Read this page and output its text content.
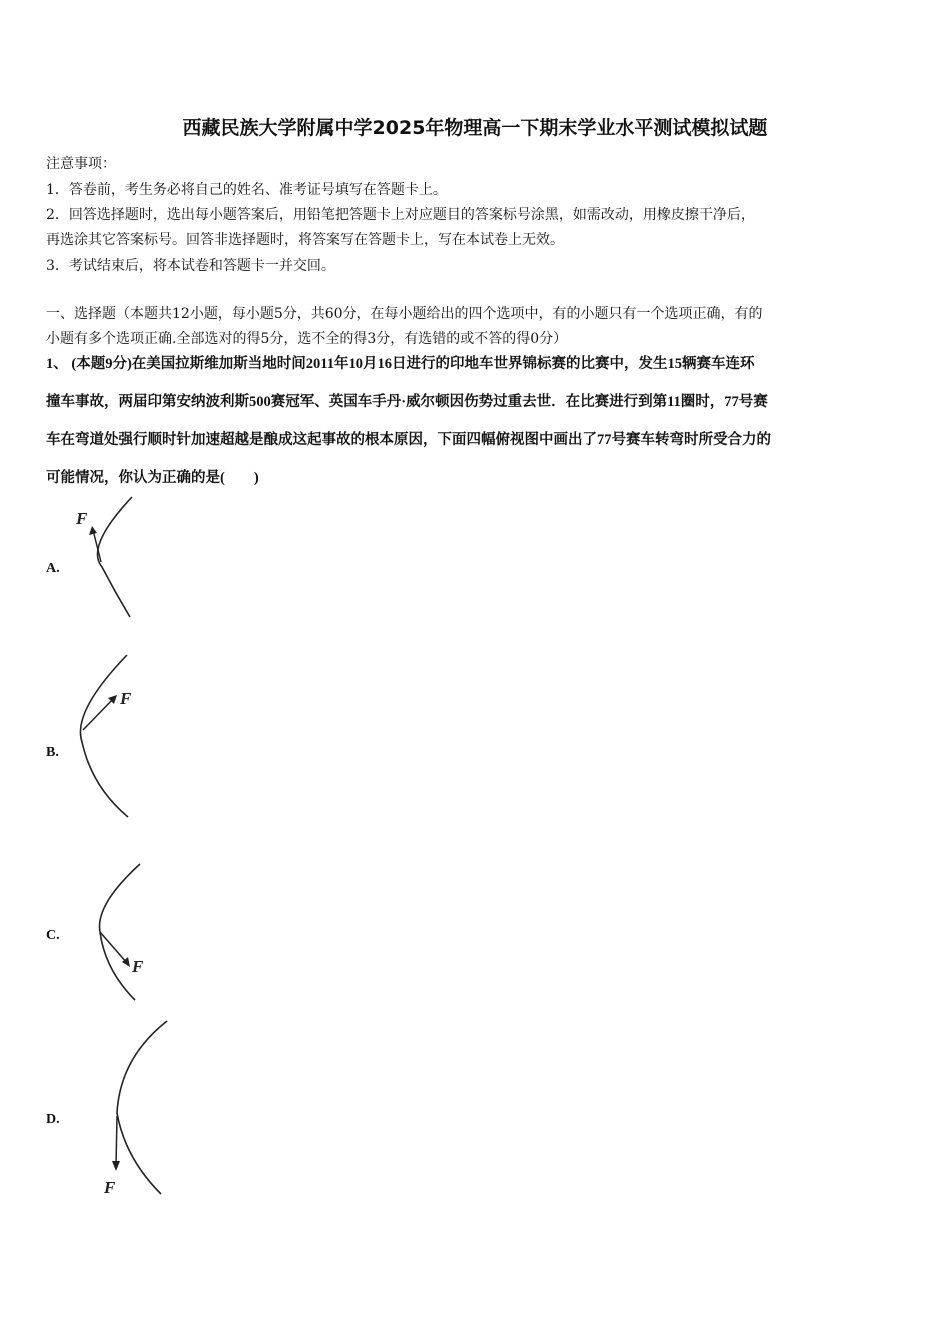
西藏民族大学附属中学2025年物理高一下期末学业水平测试模拟试题
注意事项：
1．答卷前，考生务必将自己的姓名、准考证号填写在答题卡上。
2．回答选择题时，选出每小题答案后，用铅笔把答题卡上对应题目的答案标号涂黑，如需改动，用橡皮擦干净后，
再选涂其它答案标号。回答非选择题时，将答案写在答题卡上，写在本试卷上无效。
3．考试结束后，将本试卷和答题卡一并交回。
一、选择题（本题共12小题，每小题5分，共60分，在每小题给出的四个选项中，有的小题只有一个选项正确，有的
小题有多个选项正确.全部选对的得5分，选不全的得3分，有选错的或不答的得0分）
1、 (本题9分)在美国拉斯维加斯当地时间2011年10月16日进行的印地车世界锦标赛的比赛中，发生15辆赛车连环
撞车事故，两届印第安纳波利斯500赛冠军、英国车手丹·威尔顿因伤势过重去世．在比赛进行到第11圈时，77号赛
车在弯道处强行顺时针加速超越是酿成这起事故的根本原因，下面四幅俯视图中画出了77号赛车转弯时所受合力的
可能情况，你认为正确的是(　　)
A.
F
B.
F
C.
F
D.
F
